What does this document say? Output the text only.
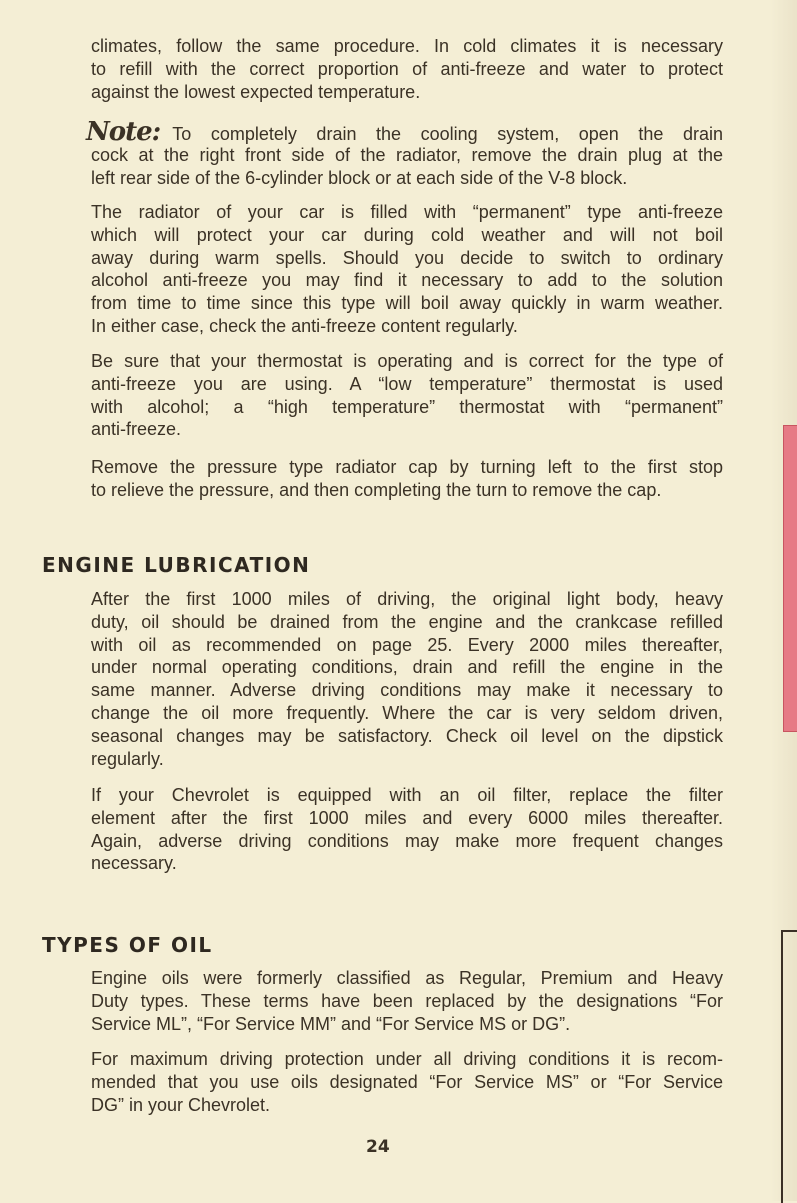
climates, follow the same procedure. In cold climates it is necessary
to refill with the correct proportion of anti-freeze and water to protect
against the lowest expected temperature.
Note: To completely drain the cooling system, open the drain
cock at the right front side of the radiator, remove the drain plug at the
left rear side of the 6-cylinder block or at each side of the V-8 block.
The radiator of your car is filled with “permanent” type anti-freeze
which will protect your car during cold weather and will not boil
away during warm spells. Should you decide to switch to ordinary
alcohol anti-freeze you may find it necessary to add to the solution
from time to time since this type will boil away quickly in warm weather.
In either case, check the anti-freeze content regularly.
Be sure that your thermostat is operating and is correct for the type of
anti-freeze you are using. A “low temperature” thermostat is used
with alcohol; a “high temperature” thermostat with “permanent”
anti-freeze.
Remove the pressure type radiator cap by turning left to the first stop
to relieve the pressure, and then completing the turn to remove the cap.
ENGINE LUBRICATION
After the first 1000 miles of driving, the original light body, heavy
duty, oil should be drained from the engine and the crankcase refilled
with oil as recommended on page 25. Every 2000 miles thereafter,
under normal operating conditions, drain and refill the engine in the
same manner. Adverse driving conditions may make it necessary to
change the oil more frequently. Where the car is very seldom driven,
seasonal changes may be satisfactory. Check oil level on the dipstick
regularly.
If your Chevrolet is equipped with an oil filter, replace the filter
element after the first 1000 miles and every 6000 miles thereafter.
Again, adverse driving conditions may make more frequent changes
necessary.
TYPES OF OIL
Engine oils were formerly classified as Regular, Premium and Heavy
Duty types. These terms have been replaced by the designations “For
Service ML”, “For Service MM” and “For Service MS or DG”.
For maximum driving protection under all driving conditions it is recom-
mended that you use oils designated “For Service MS” or “For Service
DG” in your Chevrolet.
24
